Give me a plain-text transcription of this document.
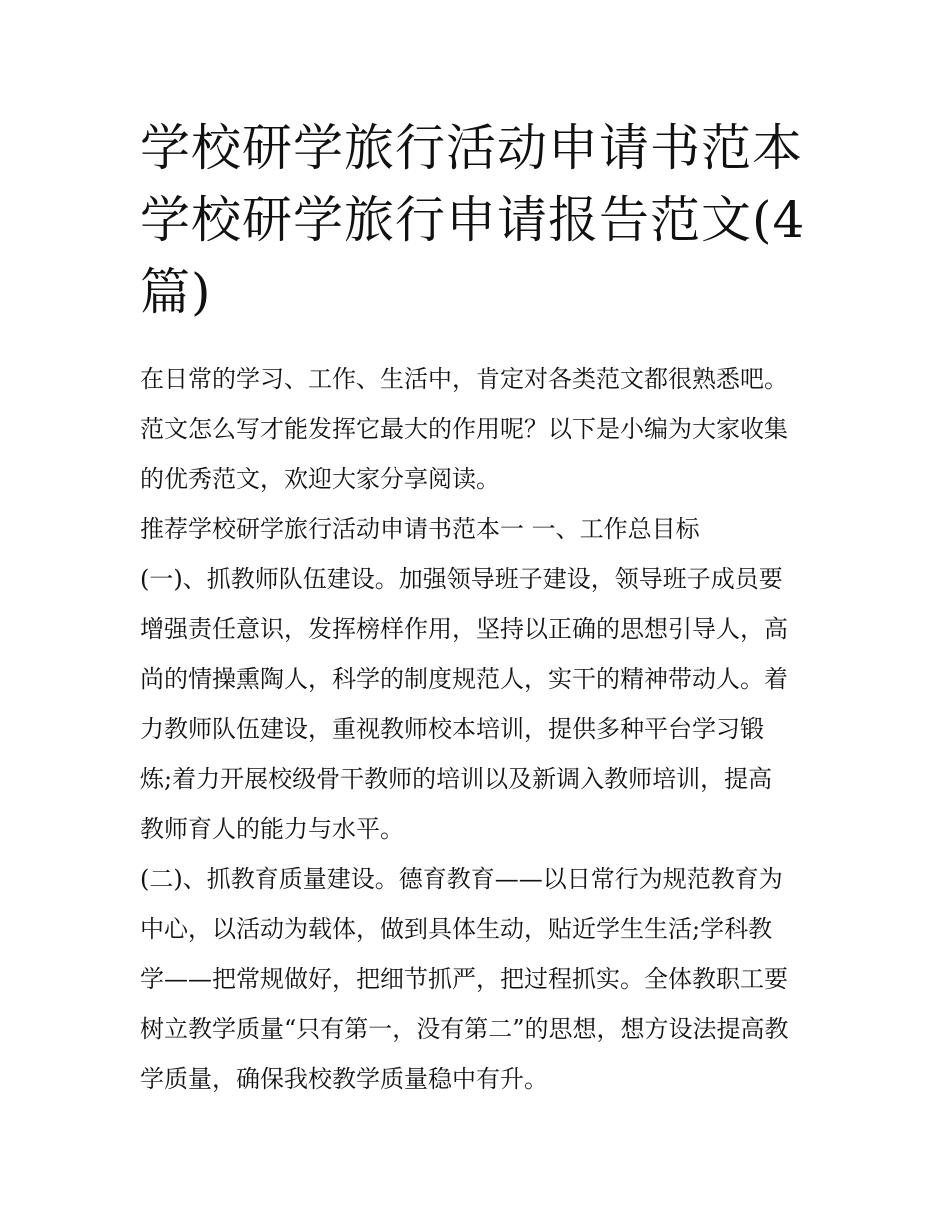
学校研学旅行活动申请书范本
学校研学旅行申请报告范文(4
篇)
在日常的学习、工作、生活中，肯定对各类范文都很熟悉吧。
范文怎么写才能发挥它最大的作用呢？以下是小编为大家收集
的优秀范文，欢迎大家分享阅读。
推荐学校研学旅行活动申请书范本一 一、工作总目标
(一)、抓教师队伍建设。加强领导班子建设，领导班子成员要
增强责任意识，发挥榜样作用，坚持以正确的思想引导人，高
尚的情操熏陶人，科学的制度规范人，实干的精神带动人。着
力教师队伍建设，重视教师校本培训，提供多种平台学习锻
炼;着力开展校级骨干教师的培训以及新调入教师培训，提高
教师育人的能力与水平。
(二)、抓教育质量建设。德育教育——以日常行为规范教育为
中心，以活动为载体，做到具体生动，贴近学生生活;学科教
学——把常规做好，把细节抓严，把过程抓实。全体教职工要
树立教学质量“只有第一，没有第二”的思想，想方设法提高教
学质量，确保我校教学质量稳中有升。
